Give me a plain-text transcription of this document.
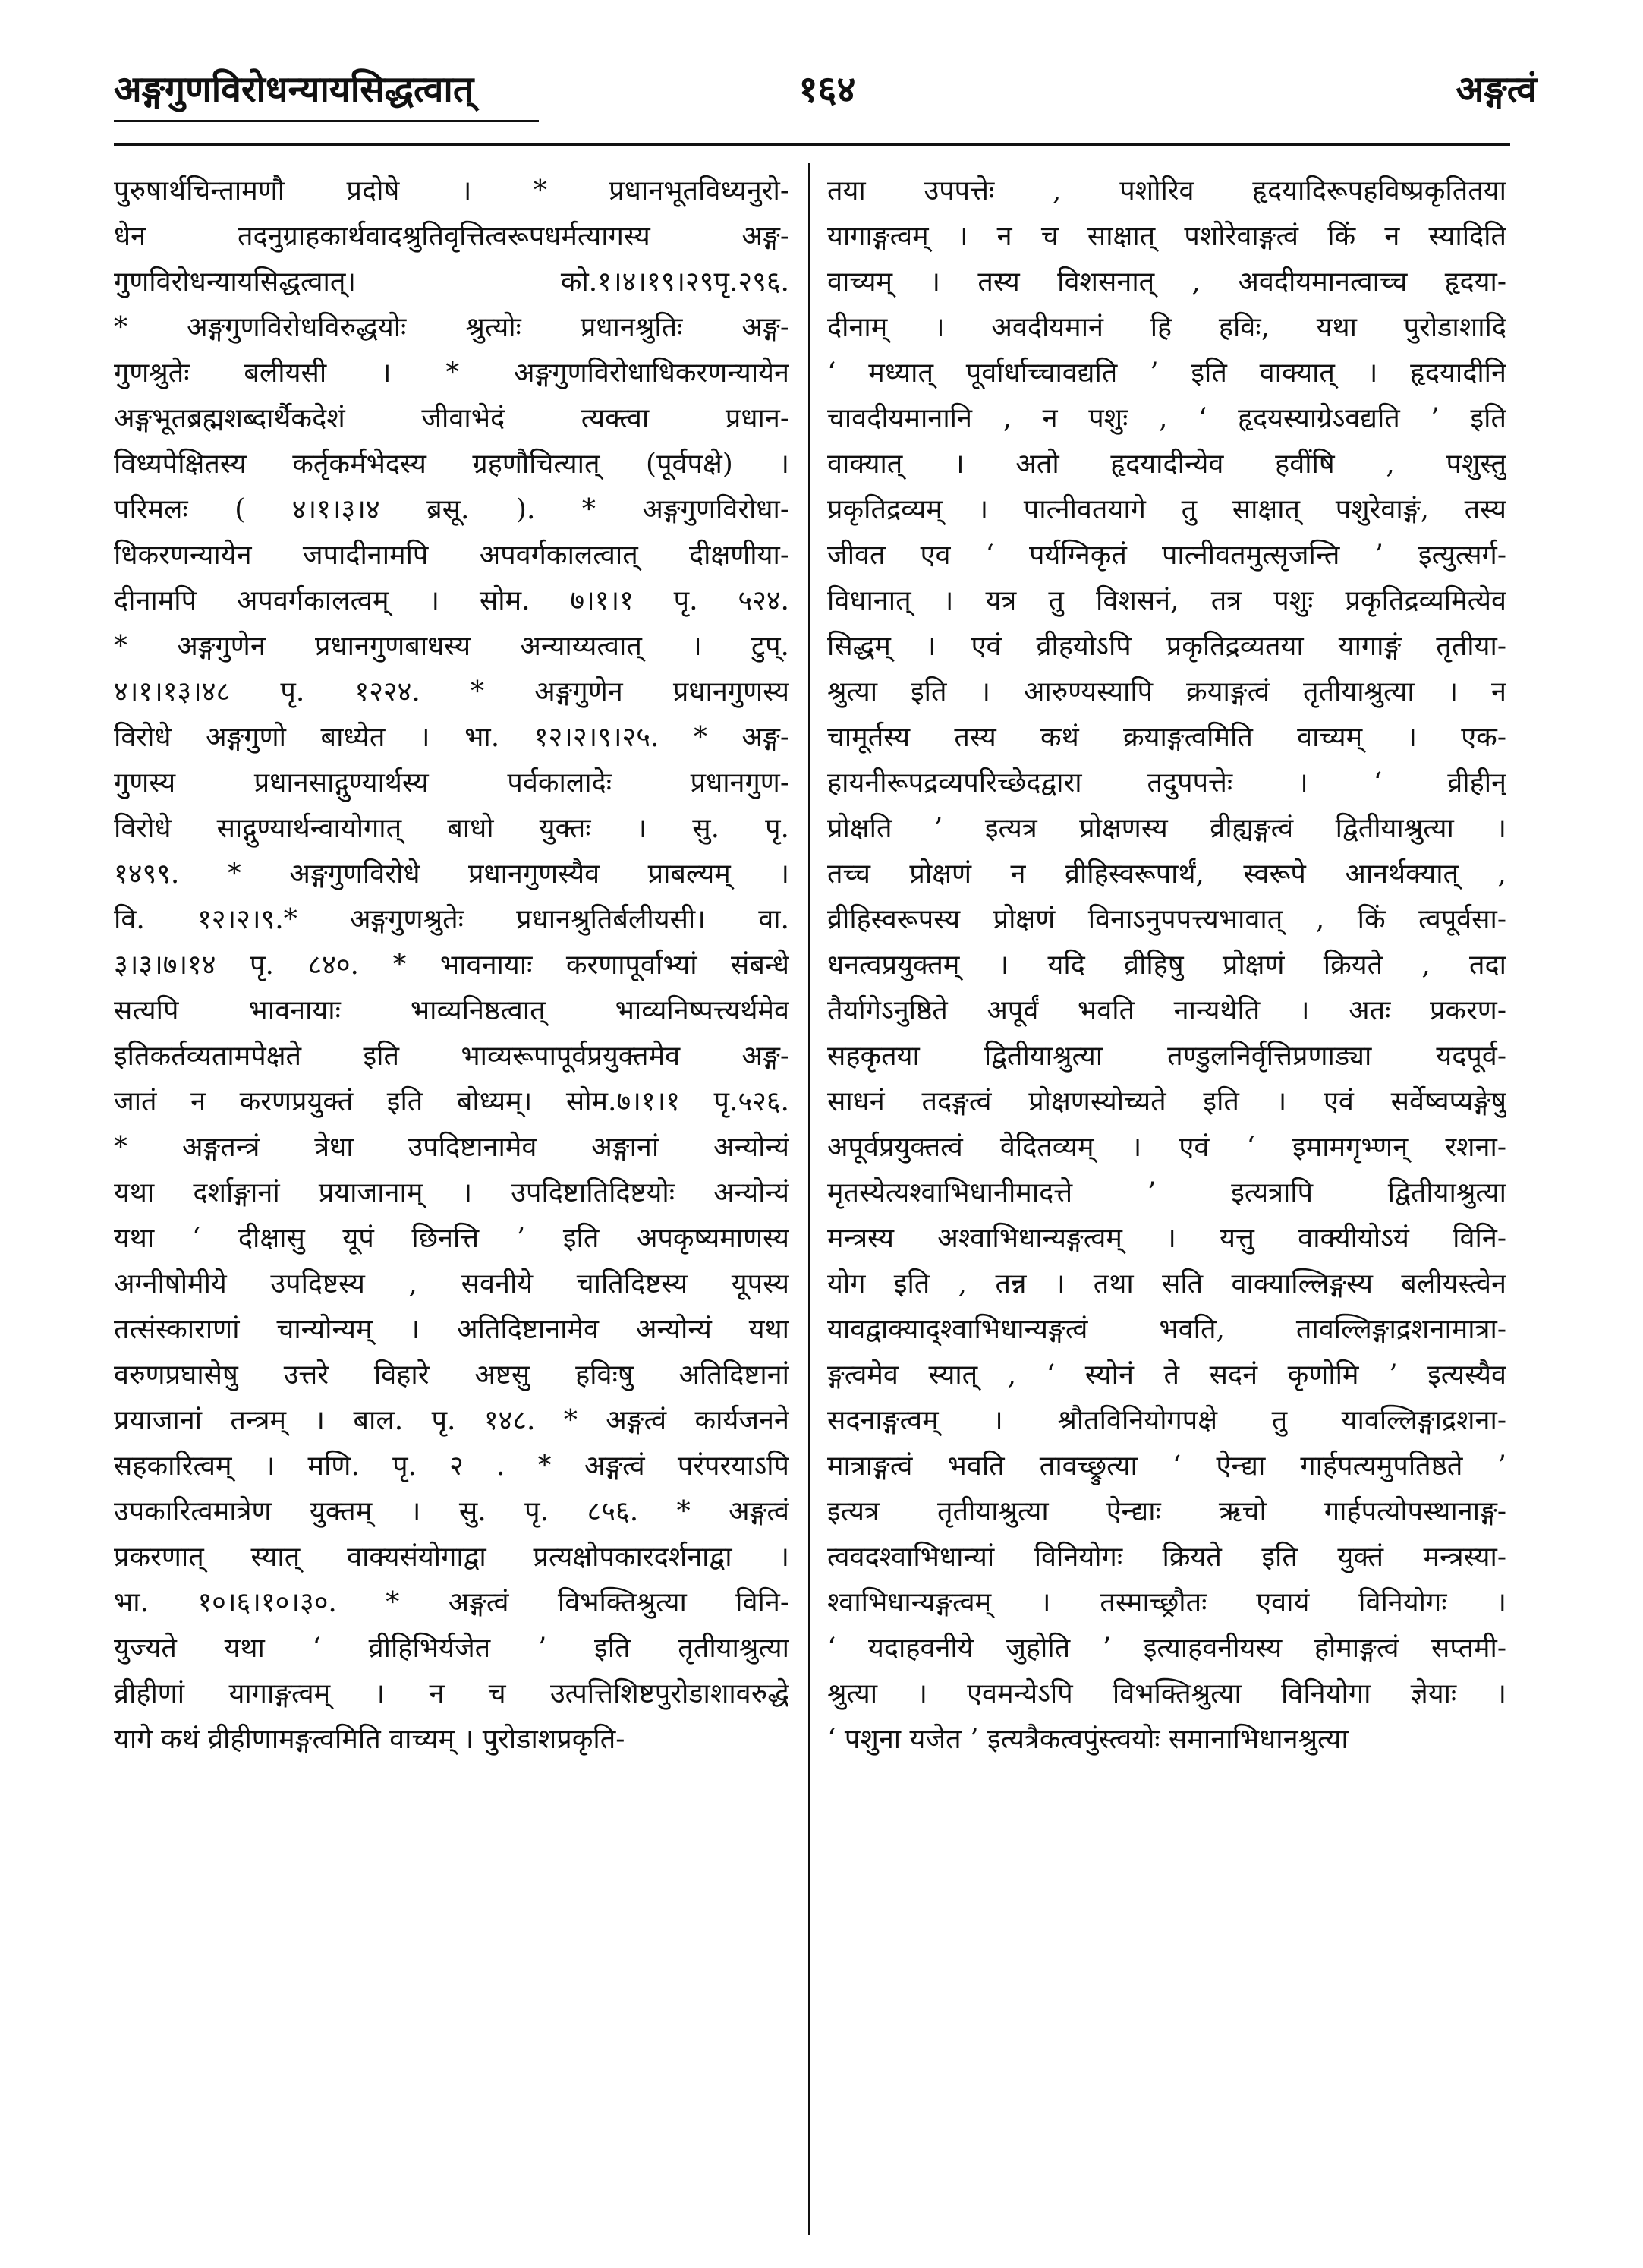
अङ्गगुणविरोधन्यायसिद्धत्वात्	१६४	अङ्गत्वं
पुरुषार्थचिन्तामणौ प्रदोषे । * प्रधानभूतविध्यनुरो-
धेन तदनुग्राहकार्थवादश्रुतिवृत्तित्वरूपधर्मत्यागस्य अङ्ग-
गुणविरोधन्यायसिद्धत्वात्। को.१।४।१९।२९पृ.२९६.
* अङ्गगुणविरोधविरुद्धयोः श्रुत्योः प्रधानश्रुतिः अङ्ग-
गुणश्रुतेः बलीयसी । * अङ्गगुणविरोधाधिकरणन्यायेन
अङ्गभूतब्रह्मशब्दार्थैकदेशं जीवाभेदं त्यक्त्वा प्रधान-
विध्यपेक्षितस्य कर्तृकर्मभेदस्य ग्रहणौचित्यात् (पूर्वपक्षे) ।
परिमलः ( ४।१।३।४ ब्रसू. ). * अङ्गगुणविरोधा-
धिकरणन्यायेन जपादीनामपि अपवर्गकालत्वात् दीक्षणीया-
दीनामपि अपवर्गकालत्वम् । सोम. ७।१।१ पृ. ५२४.
* अङ्गगुणेन प्रधानगुणबाधस्य अन्याय्यत्वात् । टुप्.
४।१।१३।४८ पृ. १२२४. * अङ्गगुणेन प्रधानगुणस्य
विरोधे अङ्गगुणो बाध्येत । भा. १२।२।९।२५. * अङ्ग-
गुणस्य प्रधानसाद्गुण्यार्थस्य पर्वकालादेः प्रधानगुण-
विरोधे साद्गुण्यार्थन्वायोगात् बाधो युक्तः । सु. पृ.
१४९९. * अङ्गगुणविरोधे प्रधानगुणस्यैव प्राबल्यम् ।
वि. १२।२।९.* अङ्गगुणश्रुतेः प्रधानश्रुतिर्बलीयसी। वा.
३।३।७।१४ पृ. ८४०. * भावनायाः करणापूर्वाभ्यां संबन्धे
सत्यपि भावनायाः भाव्यनिष्ठत्वात् भाव्यनिष्पत्त्यर्थमेव
इतिकर्तव्यतामपेक्षते इति भाव्यरूपापूर्वप्रयुक्तमेव अङ्ग-
जातं न करणप्रयुक्तं इति बोध्यम्। सोम.७।१।१ पृ.५२६.
* अङ्गतन्त्रं त्रेधा उपदिष्टानामेव अङ्गानां अन्योन्यं
यथा दर्शाङ्गानां प्रयाजानाम् । उपदिष्टातिदिष्टयोः अन्योन्यं
यथा ‘ दीक्षासु यूपं छिनत्ति ’ इति अपकृष्यमाणस्य
अग्नीषोमीये उपदिष्टस्य , सवनीये चातिदिष्टस्य यूपस्य
तत्संस्काराणां चान्योन्यम् । अतिदिष्टानामेव अन्योन्यं यथा
वरुणप्रघासेषु उत्तरे विहारे अष्टसु हविःषु अतिदिष्टानां
प्रयाजानां तन्त्रम् । बाल. पृ. १४८. * अङ्गत्वं कार्यजनने
सहकारित्वम् । मणि. पृ. २ . * अङ्गत्वं परंपरयाऽपि
उपकारित्वमात्रेण युक्तम् । सु. पृ. ८५६. * अङ्गत्वं
प्रकरणात् स्यात् वाक्यसंयोगाद्वा प्रत्यक्षोपकारदर्शनाद्वा ।
भा. १०।६।१०।३०. * अङ्गत्वं विभक्तिश्रुत्या विनि-
युज्यते यथा ‘ व्रीहिभिर्यजेत ’ इति तृतीयाश्रुत्या
व्रीहीणां यागाङ्गत्वम् । न च उत्पत्तिशिष्टपुरोडाशावरुद्धे
यागे कथं व्रीहीणामङ्गत्वमिति वाच्यम् । पुरोडाशप्रकृति-
तया उपपत्तेः , पशोरिव हृदयादिरूपहविष्प्रकृतितया
यागाङ्गत्वम् । न च साक्षात् पशोरेवाङ्गत्वं किं न स्यादिति
वाच्यम् । तस्य विशसनात् , अवदीयमानत्वाच्च हृदया-
दीनाम् । अवदीयमानं हि हविः, यथा पुरोडाशादि
‘ मध्यात् पूर्वार्धाच्चावद्यति ’ इति वाक्यात् । हृदयादीनि
चावदीयमानानि , न पशुः , ‘ हृदयस्याग्रेऽवद्यति ’ इति
वाक्यात् । अतो हृदयादीन्येव हवींषि , पशुस्तु
प्रकृतिद्रव्यम् । पात्नीवतयागे तु साक्षात् पशुरेवाङ्गं, तस्य
जीवत एव ‘ पर्यग्निकृतं पात्नीवतमुत्सृजन्ति ’ इत्युत्सर्ग-
विधानात् । यत्र तु विशसनं, तत्र पशुः प्रकृतिद्रव्यमित्येव
सिद्धम् । एवं व्रीहयोऽपि प्रकृतिद्रव्यतया यागाङ्गं तृतीया-
श्रुत्या इति । आरुण्यस्यापि क्रयाङ्गत्वं तृतीयाश्रुत्या । न
चामूर्तस्य तस्य कथं क्रयाङ्गत्वमिति वाच्यम् । एक-
हायनीरूपद्रव्यपरिच्छेदद्वारा तदुपपत्तेः । ‘ व्रीहीन्
प्रोक्षति ’ इत्यत्र प्रोक्षणस्य व्रीह्यङ्गत्वं द्वितीयाश्रुत्या ।
तच्च प्रोक्षणं न व्रीहिस्वरूपार्थं, स्वरूपे आनर्थक्यात् ,
व्रीहिस्वरूपस्य प्रोक्षणं विनाऽनुपपत्त्यभावात् , किं त्वपूर्वसा-
धनत्वप्रयुक्तम् । यदि व्रीहिषु प्रोक्षणं क्रियते , तदा
तैर्यागेऽनुष्ठिते अपूर्वं भवति नान्यथेति । अतः प्रकरण-
सहकृतया द्वितीयाश्रुत्या तण्डुलनिर्वृत्तिप्रणाड्या यदपूर्व-
साधनं तदङ्गत्वं प्रोक्षणस्योच्यते इति । एवं सर्वेष्वप्यङ्गेषु
अपूर्वप्रयुक्तत्वं वेदितव्यम् । एवं ‘ इमामगृभ्णन् रशना-
मृतस्येत्यश्वाभिधानीमादत्ते ’ इत्यत्रापि द्वितीयाश्रुत्या
मन्त्रस्य अश्वाभिधान्यङ्गत्वम् । यत्तु वाक्यीयोऽयं विनि-
योग इति , तन्न । तथा सति वाक्याल्लिङ्गस्य बलीयस्त्वेन
यावद्वाक्याद्श्वाभिधान्यङ्गत्वं भवति, तावल्लिङ्गाद्रशनामात्रा-
ङ्गत्वमेव स्यात् , ‘ स्योनं ते सदनं कृणोमि ’ इत्यस्यैव
सदनाङ्गत्वम् । श्रौतविनियोगपक्षे तु यावल्लिङ्गाद्रशना-
मात्राङ्गत्वं भवति तावच्छ्रुत्या ‘ ऐन्द्या गार्हपत्यमुपतिष्ठते ’
इत्यत्र तृतीयाश्रुत्या ऐन्द्याः ऋचो गार्हपत्योपस्थानाङ्ग-
त्ववदश्वाभिधान्यां विनियोगः क्रियते इति युक्तं मन्त्रस्या-
श्वाभिधान्यङ्गत्वम् । तस्माच्छ्रौतः एवायं विनियोगः ।
‘ यदाहवनीये जुहोति ’ इत्याहवनीयस्य होमाङ्गत्वं सप्तमी-
श्रुत्या । एवमन्येऽपि विभक्तिश्रुत्या विनियोगा ज्ञेयाः ।
‘ पशुना यजेत ’ इत्यत्रैकत्वपुंस्त्वयोः समानाभिधानश्रुत्या
